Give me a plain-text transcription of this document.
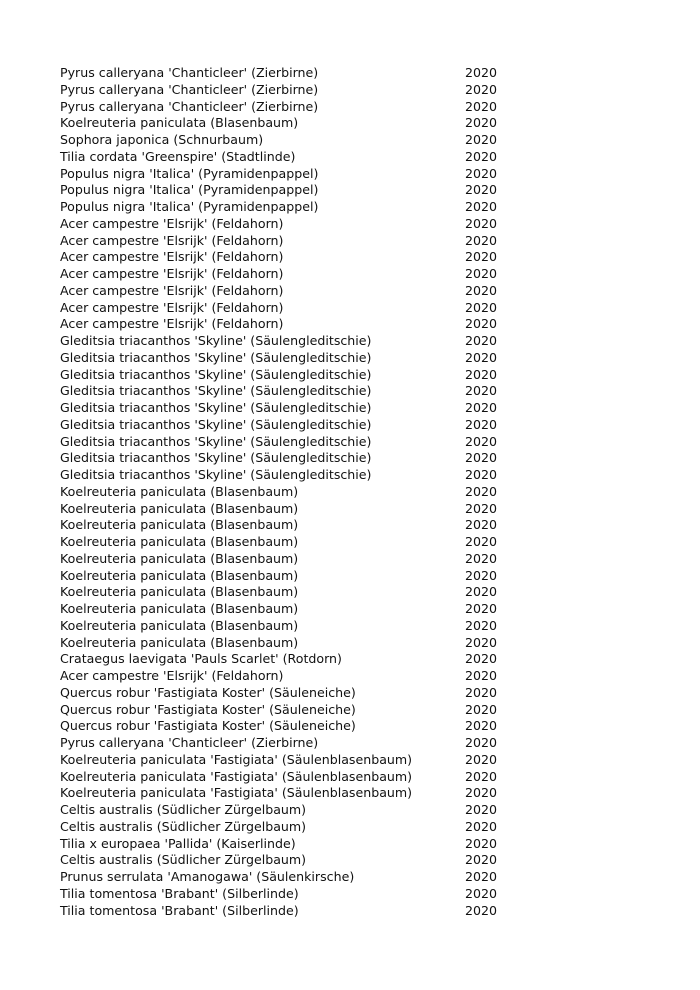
Pyrus calleryana 'Chanticleer' (Zierbirne)	2020
Pyrus calleryana 'Chanticleer' (Zierbirne)	2020
Pyrus calleryana 'Chanticleer' (Zierbirne)	2020
Koelreuteria paniculata (Blasenbaum)	2020
Sophora japonica (Schnurbaum)	2020
Tilia cordata 'Greenspire' (Stadtlinde)	2020
Populus nigra 'Italica' (Pyramidenpappel)	2020
Populus nigra 'Italica' (Pyramidenpappel)	2020
Populus nigra 'Italica' (Pyramidenpappel)	2020
Acer campestre 'Elsrijk' (Feldahorn)	2020
Acer campestre 'Elsrijk' (Feldahorn)	2020
Acer campestre 'Elsrijk' (Feldahorn)	2020
Acer campestre 'Elsrijk' (Feldahorn)	2020
Acer campestre 'Elsrijk' (Feldahorn)	2020
Acer campestre 'Elsrijk' (Feldahorn)	2020
Acer campestre 'Elsrijk' (Feldahorn)	2020
Gleditsia triacanthos 'Skyline' (Säulengleditschie)	2020
Gleditsia triacanthos 'Skyline' (Säulengleditschie)	2020
Gleditsia triacanthos 'Skyline' (Säulengleditschie)	2020
Gleditsia triacanthos 'Skyline' (Säulengleditschie)	2020
Gleditsia triacanthos 'Skyline' (Säulengleditschie)	2020
Gleditsia triacanthos 'Skyline' (Säulengleditschie)	2020
Gleditsia triacanthos 'Skyline' (Säulengleditschie)	2020
Gleditsia triacanthos 'Skyline' (Säulengleditschie)	2020
Gleditsia triacanthos 'Skyline' (Säulengleditschie)	2020
Koelreuteria paniculata (Blasenbaum)	2020
Koelreuteria paniculata (Blasenbaum)	2020
Koelreuteria paniculata (Blasenbaum)	2020
Koelreuteria paniculata (Blasenbaum)	2020
Koelreuteria paniculata (Blasenbaum)	2020
Koelreuteria paniculata (Blasenbaum)	2020
Koelreuteria paniculata (Blasenbaum)	2020
Koelreuteria paniculata (Blasenbaum)	2020
Koelreuteria paniculata (Blasenbaum)	2020
Koelreuteria paniculata (Blasenbaum)	2020
Crataegus laevigata 'Pauls Scarlet' (Rotdorn)	2020
Acer campestre 'Elsrijk' (Feldahorn)	2020
Quercus robur 'Fastigiata Koster' (Säuleneiche)	2020
Quercus robur 'Fastigiata Koster' (Säuleneiche)	2020
Quercus robur 'Fastigiata Koster' (Säuleneiche)	2020
Pyrus calleryana 'Chanticleer' (Zierbirne)	2020
Koelreuteria paniculata 'Fastigiata' (Säulenblasenbaum)	2020
Koelreuteria paniculata 'Fastigiata' (Säulenblasenbaum)	2020
Koelreuteria paniculata 'Fastigiata' (Säulenblasenbaum)	2020
Celtis australis (Südlicher Zürgelbaum)	2020
Celtis australis (Südlicher Zürgelbaum)	2020
Tilia x europaea 'Pallida' (Kaiserlinde)	2020
Celtis australis (Südlicher Zürgelbaum)	2020
Prunus serrulata 'Amanogawa' (Säulenkirsche)	2020
Tilia tomentosa 'Brabant' (Silberlinde)	2020
Tilia tomentosa 'Brabant' (Silberlinde)	2020
